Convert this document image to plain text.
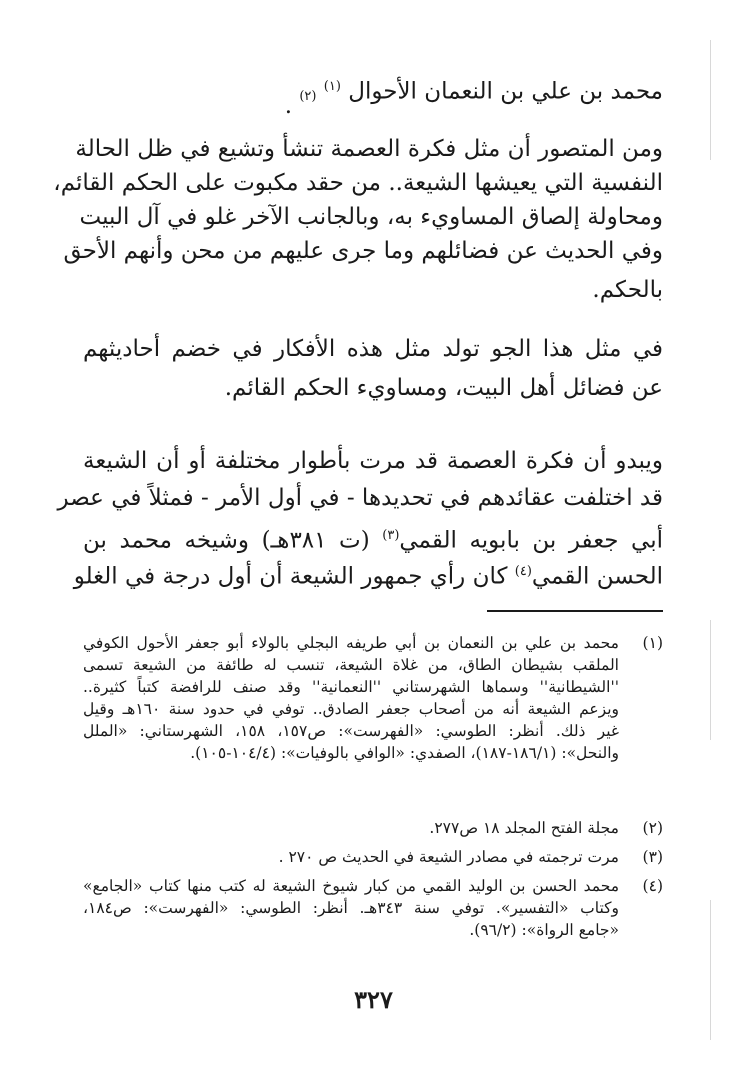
محمد بن علي بن النعمان الأحوال $^{(١)}$ $^{(٢)}$ .
ومن المتصور أن مثل فكرة العصمة تنشأ وتشيع في ظل الحالة
النفسية التي يعيشها الشيعة.. من حقد مكبوت على الحكم القائم،
ومحاولة إلصاق المساويء به، وبالجانب الآخر غلو في آل البيت
وفي الحديث عن فضائلهم وما جرى عليهم من محن وأنهم الأحق
بالحكم.
في مثل هذا الجو تولد مثل هذه الأفكار في خضم أحاديثهم
عن فضائل أهل البيت، ومساويء الحكم القائم.
ويبدو أن فكرة العصمة قد مرت بأطوار مختلفة أو أن الشيعة
قد اختلفت عقائدهم في تحديدها - في أول الأمر - فمثلاً في عصر
أبي جعفر بن بابويه القمي$^{(٣)}$ (ت ٣٨١هـ) وشيخه محمد بن
الحسن القمي$^{(٤)}$ كان رأي جمهور الشيعة أن أول درجة في الغلو
(١)
محمد بن علي بن النعمان بن أبي طريفه البجلي بالولاء أبو جعفر الأحول الكوفي
الملقب بشيطان الطاق، من غلاة الشيعة، تنسب له طائفة من الشيعة تسمى
''الشيطانية'' وسماها الشهرستاني ''النعمانية'' وقد صنف للرافضة كتباً كثيرة..
ويزعم الشيعة أنه من أصحاب جعفر الصادق.. توفي في حدود سنة ١٦٠هـ وقيل
غير ذلك. أنظر: الطوسي: «الفهرست»: ص١٥٧، ١٥٨، الشهرستاني: «الملل
والنحل»: (١٨٦/١-١٨٧)، الصفدي: «الوافي بالوفيات»: (١٠٤/٤-١٠٥).
(٢)
مجلة الفتح المجلد ١٨ ص٢٧٧.
(٣)
مرت ترجمته في مصادر الشيعة في الحديث ص ٢٧٠ .
(٤)
محمد الحسن بن الوليد القمي من كبار شيوخ الشيعة له كتب منها كتاب «الجامع»
وكتاب «التفسير». توفي سنة ٣٤٣هـ. أنظر: الطوسي: «الفهرست»: ص١٨٤،
«جامع الرواة»: (٩٦/٢).
٣٢٧
